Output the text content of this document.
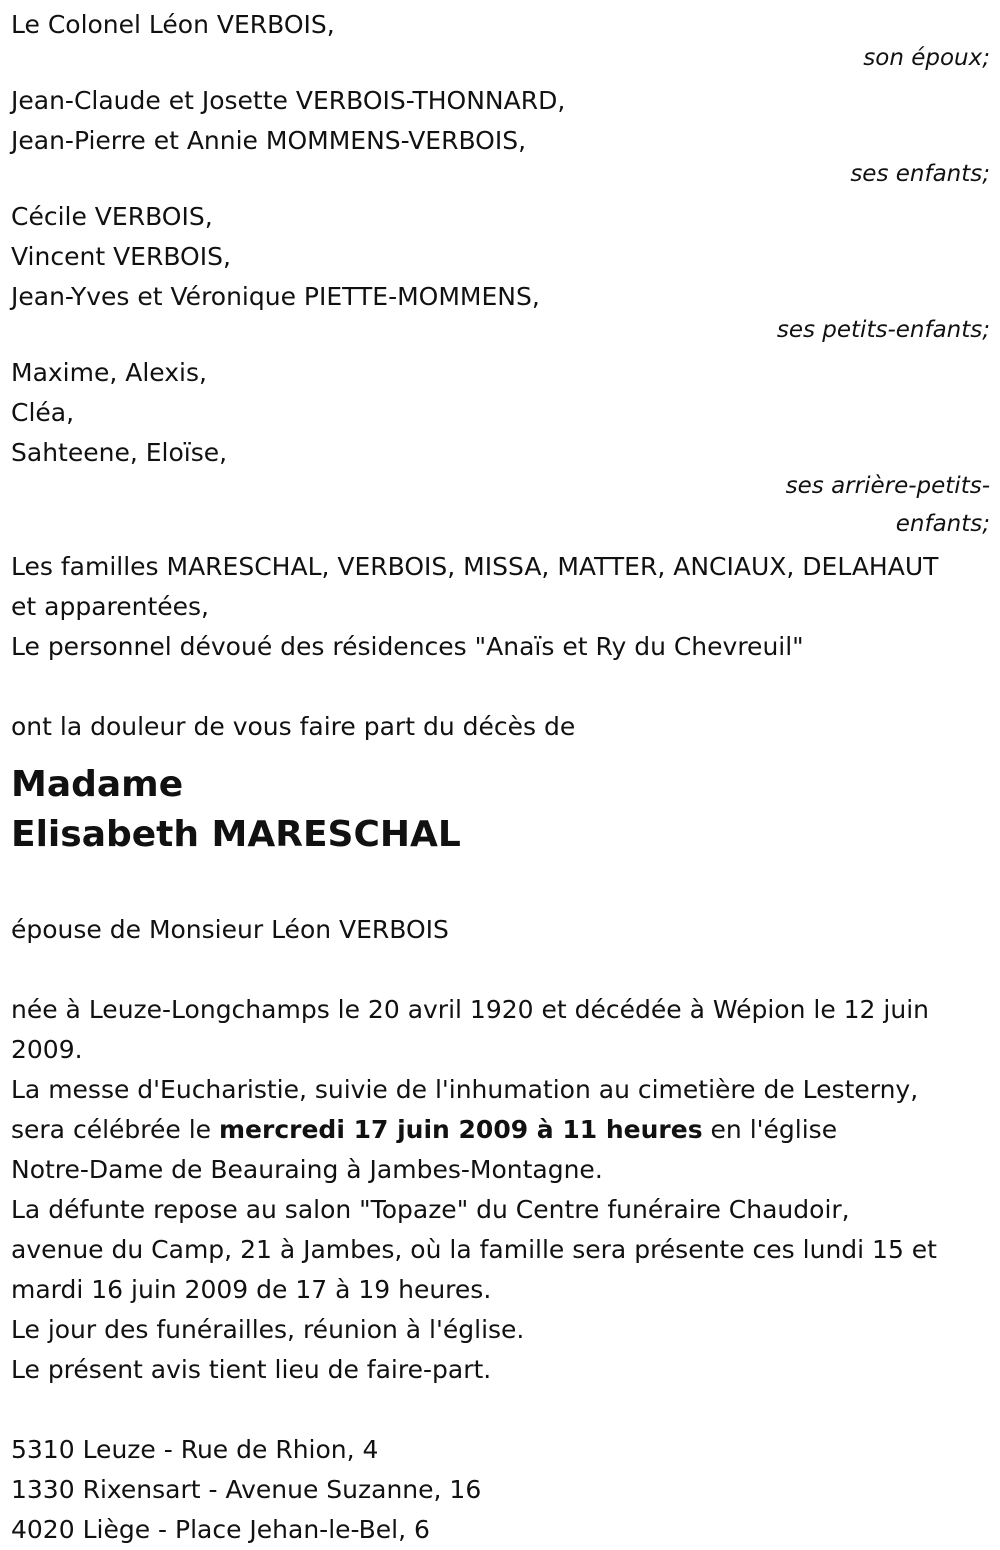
Le Colonel Léon VERBOIS,
son époux;
Jean-Claude et Josette VERBOIS-THONNARD,
Jean-Pierre et Annie MOMMENS-VERBOIS,
ses enfants;
Cécile VERBOIS,
Vincent VERBOIS,
Jean-Yves et Véronique PIETTE-MOMMENS,
ses petits-enfants;
Maxime, Alexis,
Cléa,
Sahteene, Eloïse,
ses arrière-petits-
enfants;
Les familles MARESCHAL, VERBOIS, MISSA, MATTER, ANCIAUX, DELAHAUT
et apparentées,
Le personnel dévoué des résidences "Anaïs et Ry du Chevreuil"
ont la douleur de vous faire part du décès de
Madame
Elisabeth MARESCHAL
épouse de Monsieur Léon VERBOIS
née à Leuze-Longchamps le 20 avril 1920 et décédée à Wépion le 12 juin
2009.
La messe d'Eucharistie, suivie de l'inhumation au cimetière de Lesterny,
sera célébrée le mercredi 17 juin 2009 à 11 heures en l'église
Notre-Dame de Beauraing à Jambes-Montagne.
La défunte repose au salon "Topaze" du Centre funéraire Chaudoir,
avenue du Camp, 21 à Jambes, où la famille sera présente ces lundi 15 et
mardi 16 juin 2009 de 17 à 19 heures.
Le jour des funérailles, réunion à l'église.
Le présent avis tient lieu de faire-part.
5310 Leuze - Rue de Rhion, 4
1330 Rixensart - Avenue Suzanne, 16
4020 Liège - Place Jehan-le-Bel, 6
